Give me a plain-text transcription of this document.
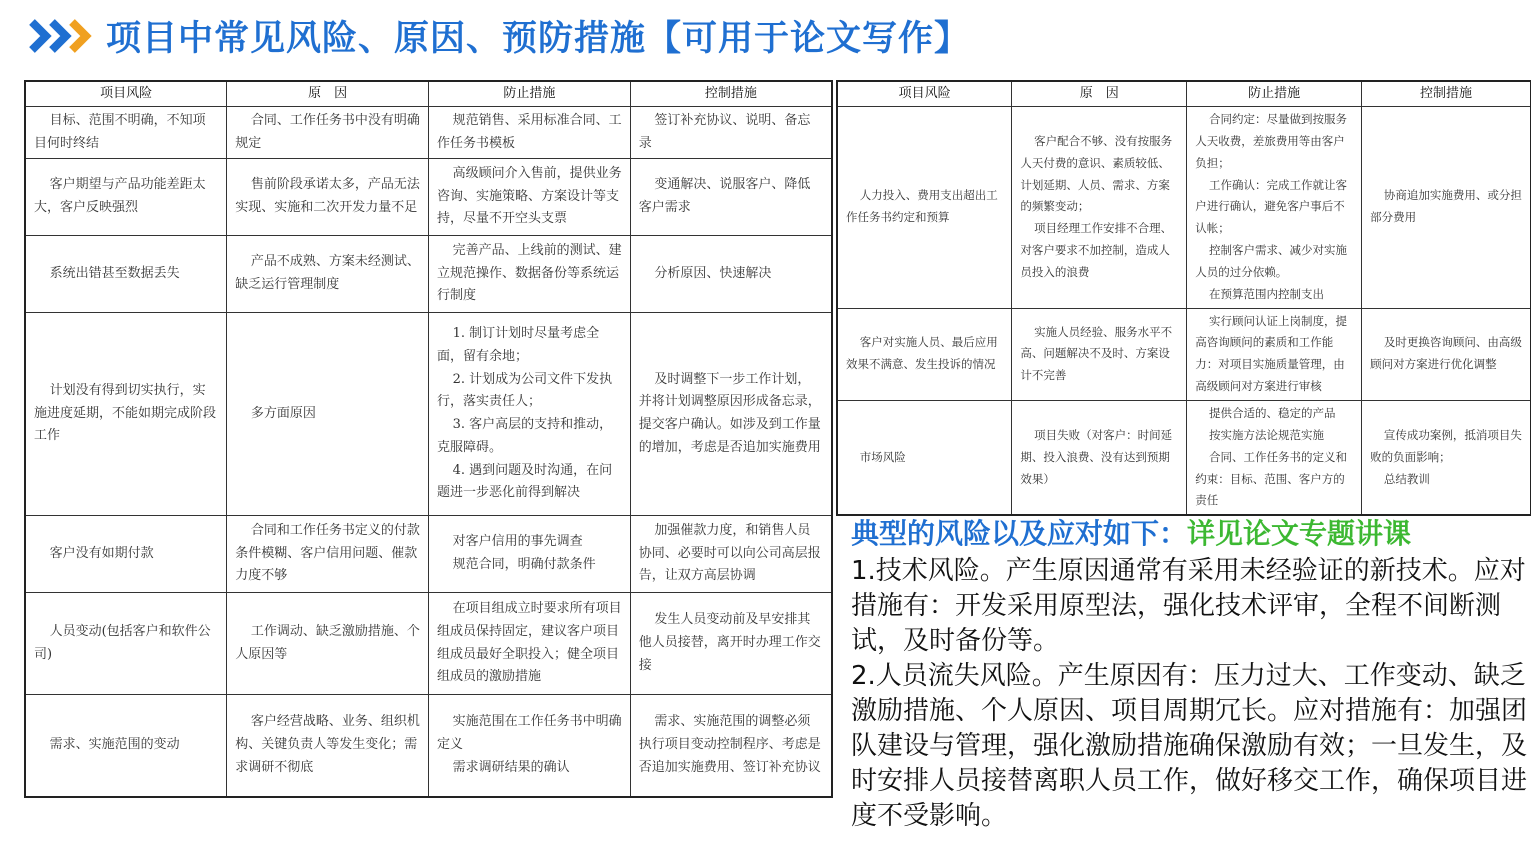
项目中常见风险、原因、预防措施【可用于论文写作】
项目风险	原　因	防止措施	控制措施

目标、范围不明确，不知项目何时终结	合同、工作任务书中没有明确规定	规范销售、采用标准合同、工作任务书模板	签订补充协议、说明、备忘录

客户期望与产品功能差距太大，客户反映强烈	售前阶段承诺太多，产品无法实现、实施和二次开发力量不足	高级顾问介入售前，提供业务咨询、实施策略、方案设计等支持，尽量不开空头支票	变通解决、说服客户、降低客户需求

系统出错甚至数据丢失	产品不成熟、方案未经测试、缺乏运行管理制度	完善产品、上线前的测试、建立规范操作、数据备份等系统运行制度	分析原因、快速解决

计划没有得到切实执行，实施进度延期，不能如期完成阶段工作	多方面原因	1. 制订计划时尽量考虑全面，留有余地；
2. 计划成为公司文件下发执行，落实责任人；
3. 客户高层的支持和推动，克服障碍。
4. 遇到问题及时沟通，在问题进一步恶化前得到解决	及时调整下一步工作计划，并将计划调整原因形成备忘录，提交客户确认。如涉及到工作量的增加，考虑是否追加实施费用

客户没有如期付款	合同和工作任务书定义的付款条件模糊、客户信用问题、催款力度不够	对客户信用的事先调查
规范合同，明确付款条件	加强催款力度，和销售人员协同、必要时可以向公司高层报告，让双方高层协调

人员变动(包括客户和软件公司)	工作调动、缺乏激励措施、个人原因等	在项目组成立时要求所有项目组成员保持固定，建议客户项目组成员最好全职投入；健全项目组成员的激励措施	发生人员变动前及早安排其他人员接替，离开时办理工作交接

需求、实施范围的变动	客户经营战略、业务、组织机构、关键负责人等发生变化；需求调研不彻底	实施范围在工作任务书中明确定义
需求调研结果的确认	需求、实施范围的调整必须执行项目变动控制程序、考虑是否追加实施费用、签订补充协议
项目风险	原　因	防止措施	控制措施

人力投入、费用支出超出工作任务书约定和预算	客户配合不够、没有按服务人天付费的意识、素质较低、计划延期、人员、需求、方案的频繁变动；
项目经理工作安排不合理、对客户要求不加控制，造成人员投入的浪费	合同约定：尽量做到按服务人天收费，差旅费用等由客户负担；
工作确认：完成工作就让客户进行确认，避免客户事后不认帐；
控制客户需求、减少对实施人员的过分依赖。
在预算范围内控制支出	协商追加实施费用、或分担部分费用

客户对实施人员、最后应用效果不满意、发生投诉的情况	实施人员经验、服务水平不高、问题解决不及时、方案设计不完善	实行顾问认证上岗制度，提高咨询顾问的素质和工作能力：对项目实施质量管理，由高级顾问对方案进行审核	及时更换咨询顾问、由高级顾问对方案进行优化调整

市场风险	项目失败（对客户：时间延期、投入浪费、没有达到预期效果）	提供合适的、稳定的产品
按实施方法论规范实施
合同、工作任务书的定义和约束：目标、范围、客户方的责任	宣传成功案例，抵消项目失败的负面影响；
总结教训
典型的风险以及应对如下：详见论文专题讲课

1.技术风险。产生原因通常有采用未经验证的新技术。应对措施有：开发采用原型法，强化技术评审，全程不间断测试，及时备份等。

2.人员流失风险。产生原因有：压力过大、工作变动、缺乏激励措施、个人原因、项目周期冗长。应对措施有：加强团队建设与管理，强化激励措施确保激励有效；一旦发生，及时安排人员接替离职人员工作，做好移交工作，确保项目进度不受影响。
